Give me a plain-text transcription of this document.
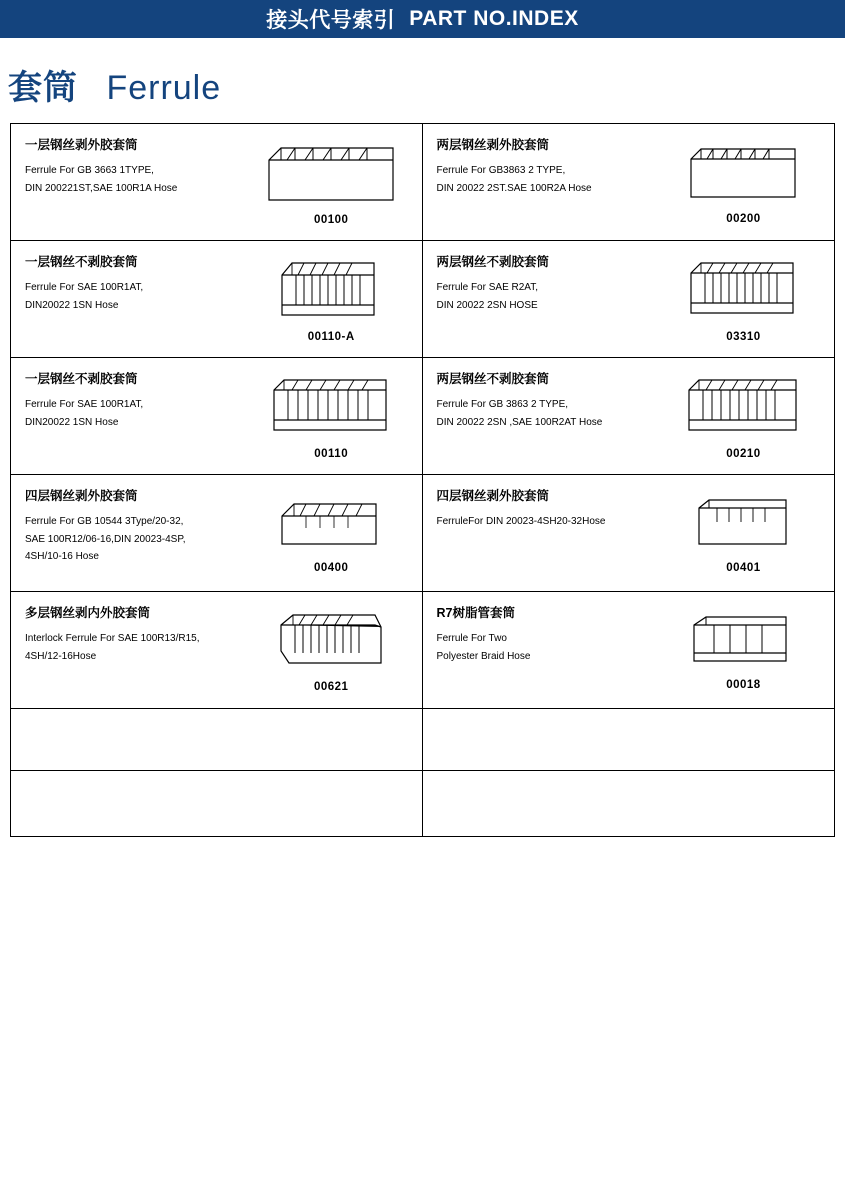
接头代号索引 PART NO.INDEX
套筒 Ferrule
一层钢丝剥外胶套筒
Ferrule For GB 3663 1TYPE,
DIN 200221ST,SAE 100R1A Hose
00100
两层钢丝剥外胶套筒
Ferrule For GB3863 2 TYPE,
DIN 20022 2ST.SAE 100R2A Hose
00200
一层钢丝不剥胶套筒
Ferrule For SAE 100R1AT,
DIN20022 1SN Hose
00110-A
两层钢丝不剥胶套筒
Ferrule For SAE R2AT,
DIN 20022 2SN HOSE
03310
一层钢丝不剥胶套筒
Ferrule For SAE 100R1AT,
DIN20022 1SN Hose
00110
两层钢丝不剥胶套筒
Ferrule For GB 3863 2 TYPE,
DIN 20022 2SN ,SAE 100R2AT Hose
00210
四层钢丝剥外胶套筒
Ferrule For GB 10544 3Type/20-32,
SAE 100R12/06-16,DIN 20023-4SP,
4SH/10-16 Hose
00400
四层钢丝剥外胶套筒
FerruleFor DIN 20023-4SH20-32Hose
00401
多层钢丝剥内外胶套筒
Interlock Ferrule For SAE 100R13/R15,
4SH/12-16Hose
00621
R7树脂管套筒
Ferrule For Two
Polyester Braid Hose
00018
